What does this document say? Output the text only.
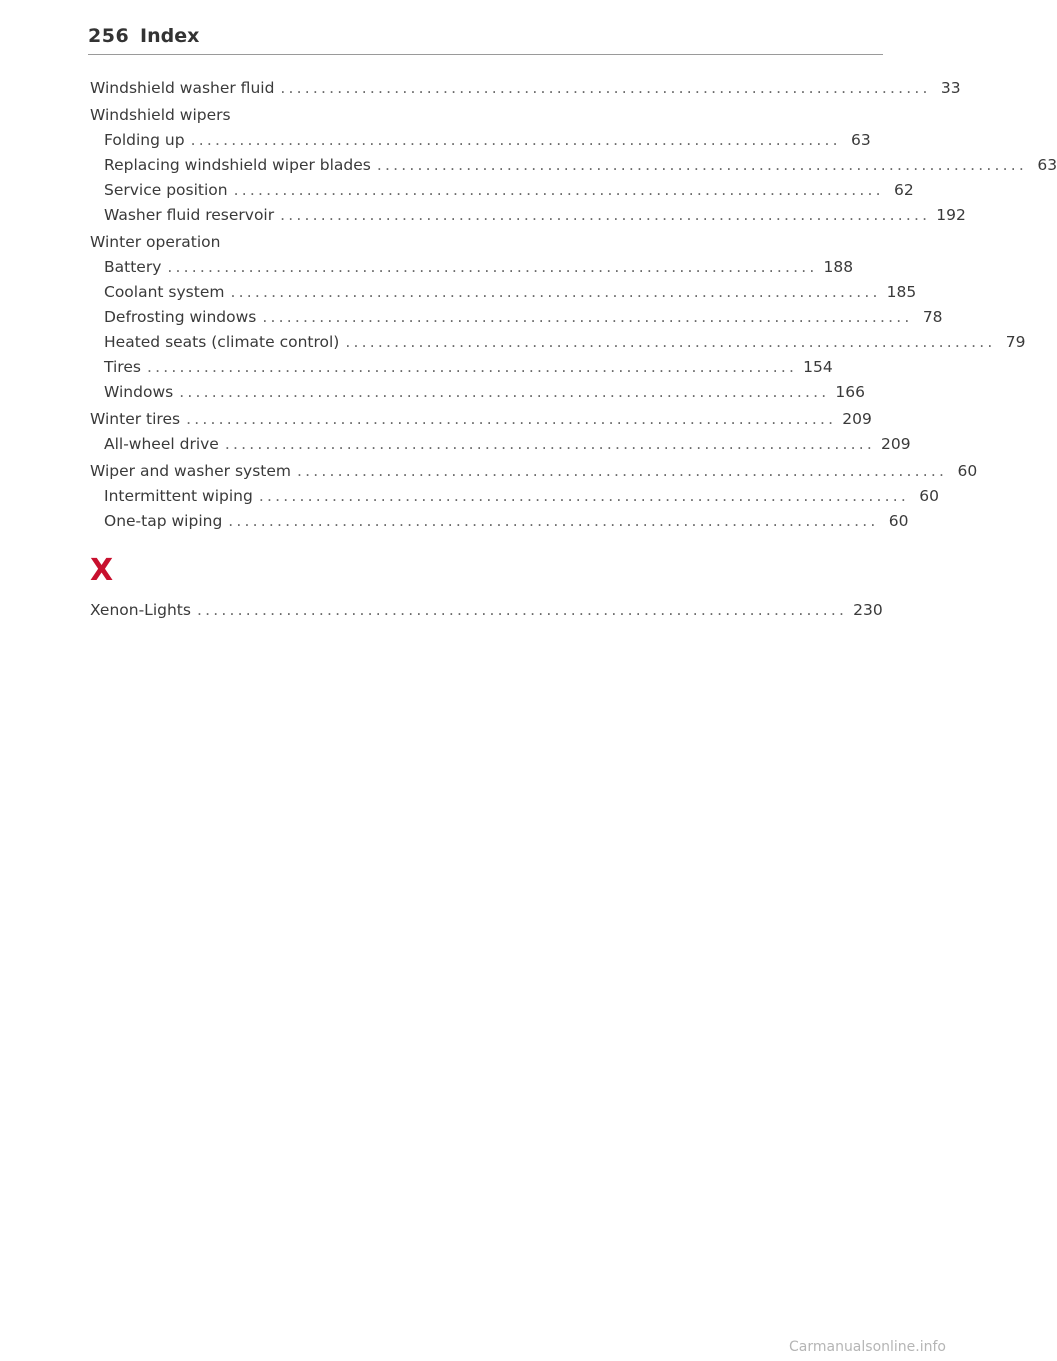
256 Index
Windshield washer fluid ................................................................................ 33
Windshield wipers
Folding up ................................................................................ 63
Replacing windshield wiper blades ................................................................................ 63
Service position ................................................................................ 62
Washer fluid reservoir ................................................................................ 192
Winter operation
Battery ................................................................................ 188
Coolant system ................................................................................ 185
Defrosting windows ................................................................................ 78
Heated seats (climate control) ................................................................................ 79
Tires ................................................................................ 154
Windows ................................................................................ 166
Winter tires ................................................................................ 209
All-wheel drive ................................................................................ 209
Wiper and washer system ................................................................................ 60
Intermittent wiping ................................................................................ 60
One-tap wiping ................................................................................ 60
X
Xenon-Lights ................................................................................ 230
Carmanualsonline.info
